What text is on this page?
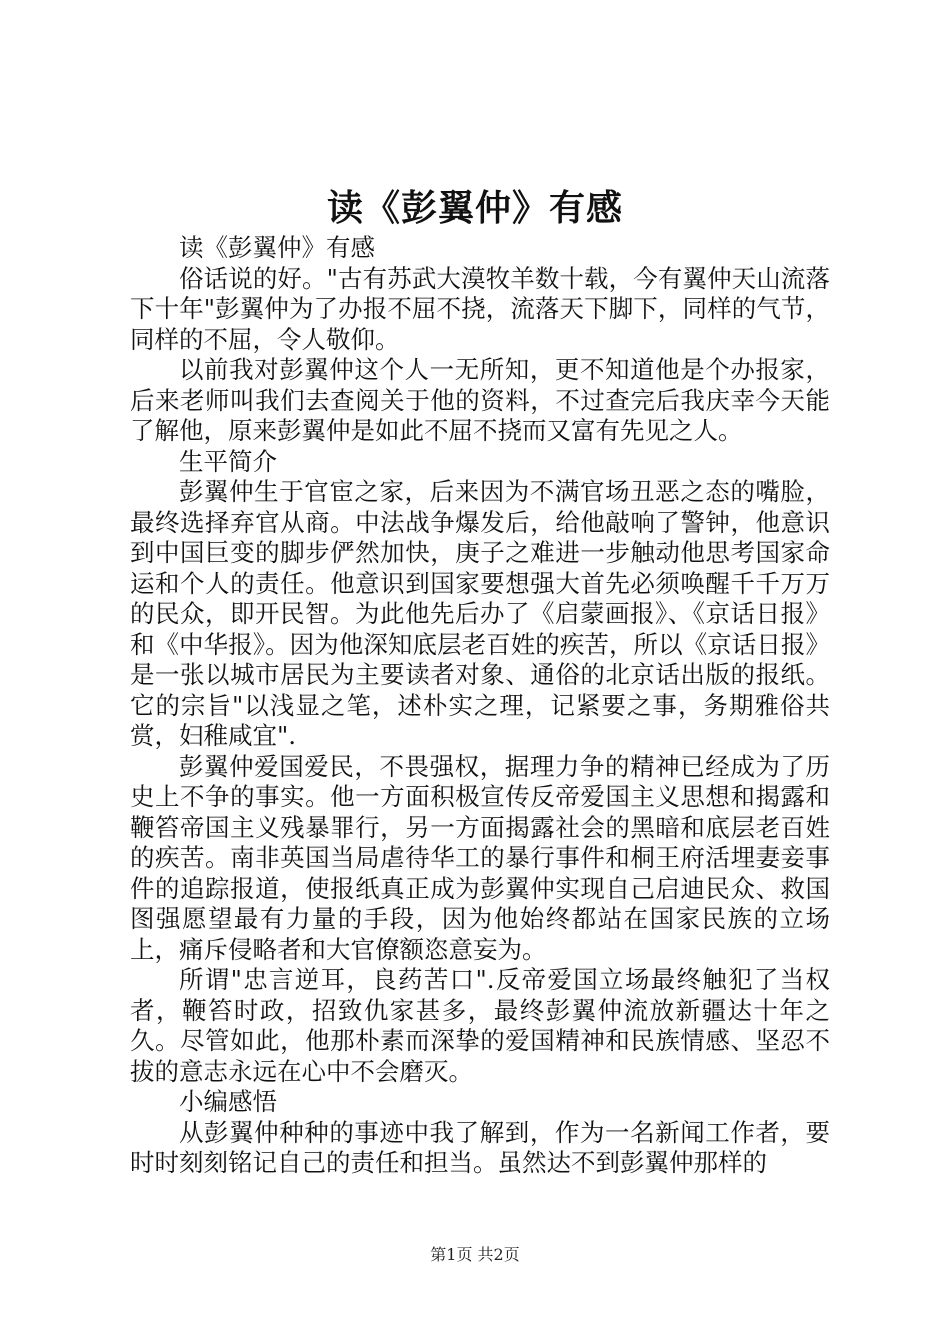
读《彭翼仲》有感

读《彭翼仲》有感

俗话说的好。"古有苏武大漠牧羊数十载，今有翼仲天山流落下十年"彭翼仲为了办报不屈不挠，流落天下脚下，同样的气节，同样的不屈，令人敬仰。

以前我对彭翼仲这个人一无所知，更不知道他是个办报家，后来老师叫我们去查阅关于他的资料，不过查完后我庆幸今天能了解他，原来彭翼仲是如此不屈不挠而又富有先见之人。

生平简介

彭翼仲生于官宦之家，后来因为不满官场丑恶之态的嘴脸，最终选择弃官从商。中法战争爆发后，给他敲响了警钟，他意识到中国巨变的脚步俨然加快，庚子之难进一步触动他思考国家命运和个人的责任。他意识到国家要想强大首先必须唤醒千千万万的民众，即开民智。为此他先后办了《启蒙画报》、《京话日报》和《中华报》。因为他深知底层老百姓的疾苦，所以《京话日报》是一张以城市居民为主要读者对象、通俗的北京话出版的报纸。它的宗旨"以浅显之笔，述朴实之理，记紧要之事，务期雅俗共赏，妇稚咸宜".

彭翼仲爱国爱民，不畏强权，据理力争的精神已经成为了历史上不争的事实。他一方面积极宣传反帝爱国主义思想和揭露和鞭笞帝国主义残暴罪行，另一方面揭露社会的黑暗和底层老百姓的疾苦。南非英国当局虐待华工的暴行事件和桐王府活埋妻妾事件的追踪报道，使报纸真正成为彭翼仲实现自己启迪民众、救国图强愿望最有力量的手段，因为他始终都站在国家民族的立场上，痛斥侵略者和大官僚额恣意妄为。

所谓"忠言逆耳，良药苦口".反帝爱国立场最终触犯了当权者，鞭笞时政，招致仇家甚多，最终彭翼仲流放新疆达十年之久。尽管如此，他那朴素而深挚的爱国精神和民族情感、坚忍不拔的意志永远在心中不会磨灭。

小编感悟

从彭翼仲种种的事迹中我了解到，作为一名新闻工作者，要时时刻刻铭记自己的责任和担当。虽然达不到彭翼仲那样的

第1页 共2页
